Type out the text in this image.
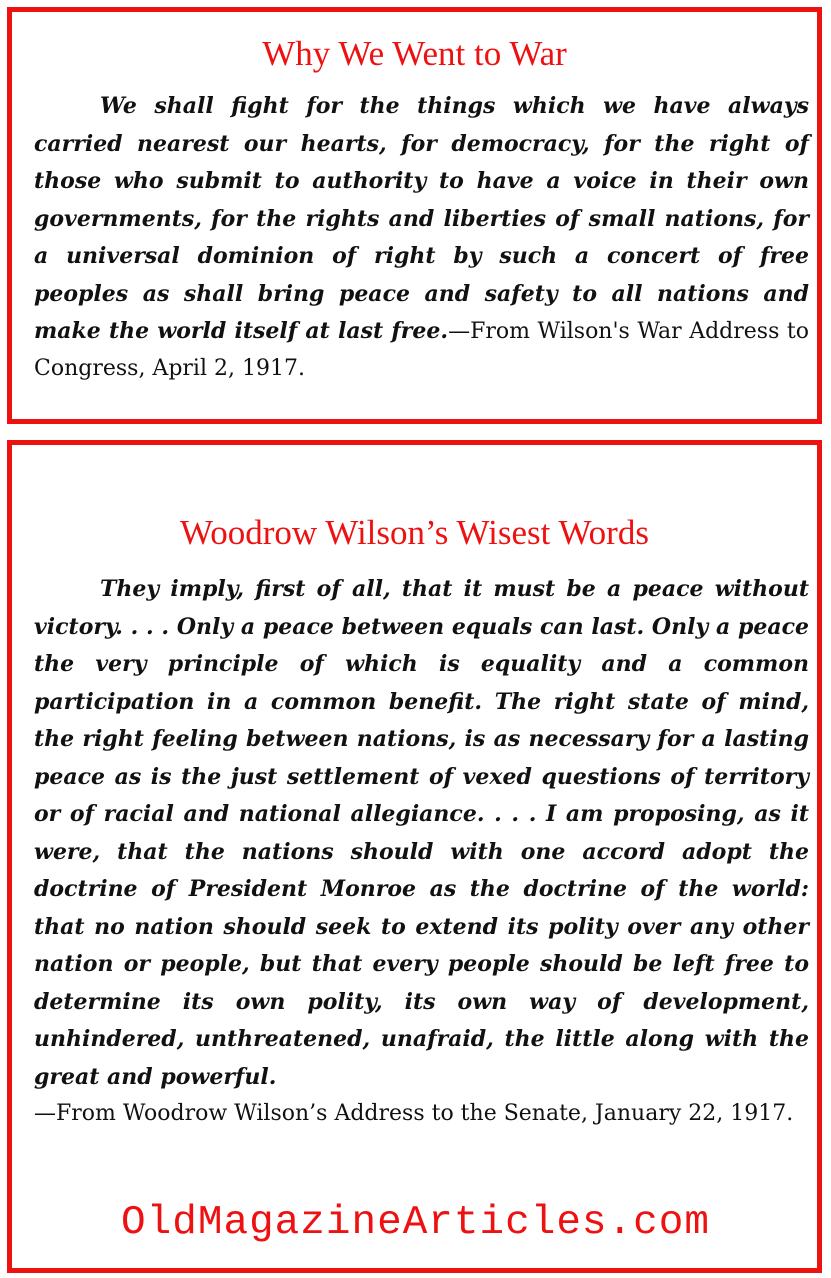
Why We Went to War
We shall fight for the things which we have always carried nearest our hearts, for democracy, for the right of those who submit to authority to have a voice in their own governments, for the rights and liberties of small nations, for a universal dominion of right by such a concert of free peoples as shall bring peace and safety to all nations and make the world itself at last free.—From Wilson's War Address to Congress, April 2, 1917.
Woodrow Wilson’s Wisest Words
They imply, first of all, that it must be a peace without victory. . . . Only a peace between equals can last. Only a peace the very principle of which is equality and a common participation in a common benefit. The right state of mind, the right feeling between nations, is as necessary for a lasting peace as is the just settlement of vexed questions of territory or of racial and national allegiance. . . . I am proposing, as it were, that the nations should with one accord adopt the doctrine of President Monroe as the doctrine of the world: that no nation should seek to extend its polity over any other nation or people, but that every people should be left free to determine its own polity, its own way of development, unhindered, unthreatened, unafraid, the little along with the great and powerful.
—From Woodrow Wilson’s Address to the Senate, January 22, 1917.
OldMagazineArticles.com
